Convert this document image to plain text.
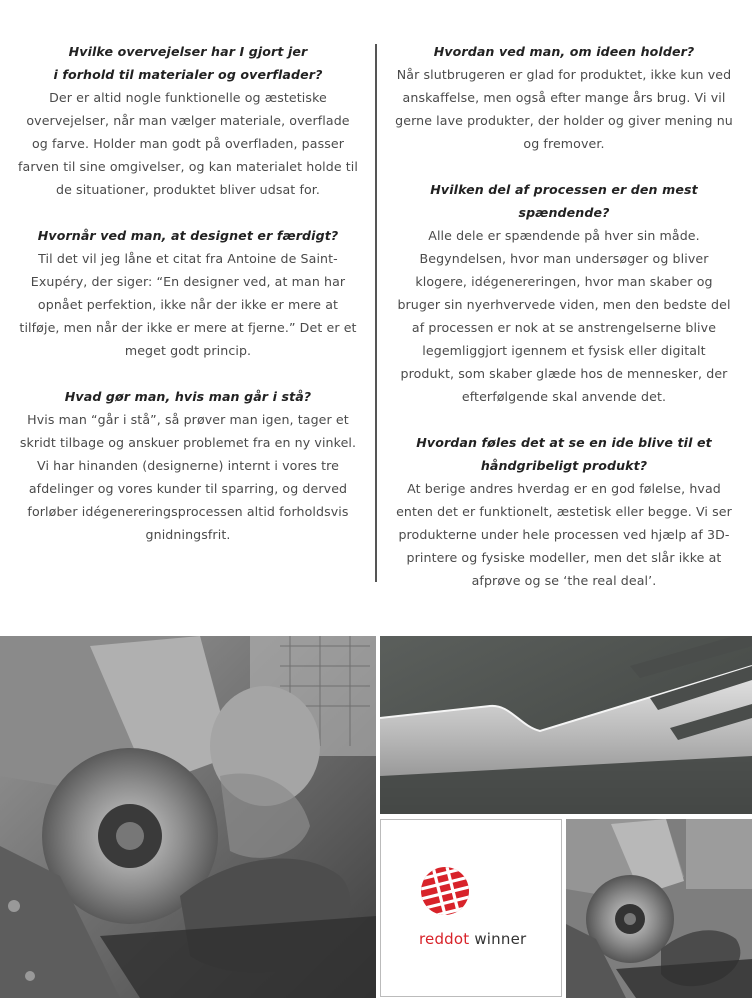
Hvilke overvejelser har I gjort jer
i forhold til materialer og overflader?
Der er altid nogle funktionelle og æstetiske overvejelser, når man vælger materiale, overflade og farve. Holder man godt på overfladen, passer farven til sine omgivelser, og kan materialet holde til de situationer, produktet bliver udsat for.
Hvornår ved man, at designet er færdigt?
Til det vil jeg låne et citat fra Antoine de Saint-Exupéry, der siger: “En designer ved, at man har opnået perfektion, ikke når der ikke er mere at tilføje, men når der ikke er mere at fjerne.” Det er et meget godt princip.
Hvad gør man, hvis man går i stå?
Hvis man “går i stå”, så prøver man igen, tager et skridt tilbage og anskuer problemet fra en ny vinkel. Vi har hinanden (designerne) internt i vores tre afdelinger og vores kunder til sparring, og derved forløber idégenereringsprocessen altid forholdsvis gnidningsfrit.
Hvordan ved man, om ideen holder?
Når slutbrugeren er glad for produktet, ikke kun ved anskaffelse, men også efter mange års brug. Vi vil gerne lave produkter, der holder og giver mening nu og fremover.
Hvilken del af processen er den mest spændende?
Alle dele er spændende på hver sin måde. Begyndelsen, hvor man undersøger og bliver klogere, idégenereringen, hvor man skaber og bruger sin nyerhvervede viden, men den bedste del af processen er nok at se anstrengelserne blive legemliggjort igennem et fysisk eller digitalt produkt, som skaber glæde hos de mennesker, der efterfølgende skal anvende det.
Hvordan føles det at se en ide blive til et
håndgribeligt produkt?
At berige andres hverdag er en god følelse, hvad enten det er funktionelt, æstetisk eller begge. Vi ser produkterne under hele processen ved hjælp af 3D-printere og fysiske modeller, men det slår ikke at afprøve og se ‘the real deal’.
reddot winner
